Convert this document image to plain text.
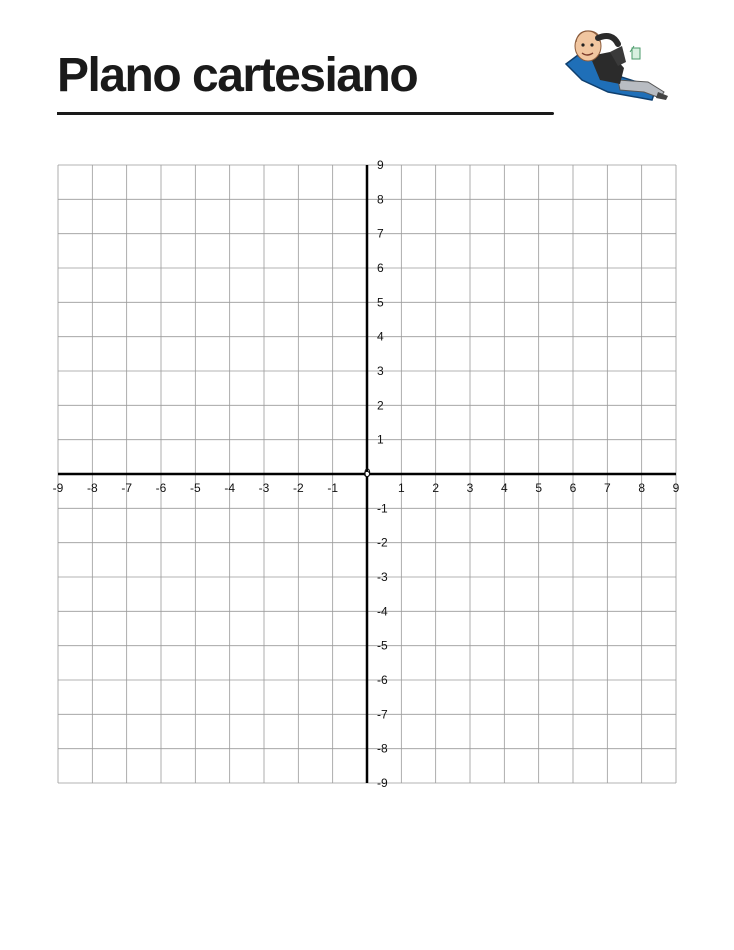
Plano cartesiano
0
-9 -8 -7 -6 -5 -4 -3 -2 -1	1 2 3 4 5 6 7 8 9
9
8
7
6
5
4
3
2
1
-1
-2
-3
-4
-5
-6
-7
-8
-9
